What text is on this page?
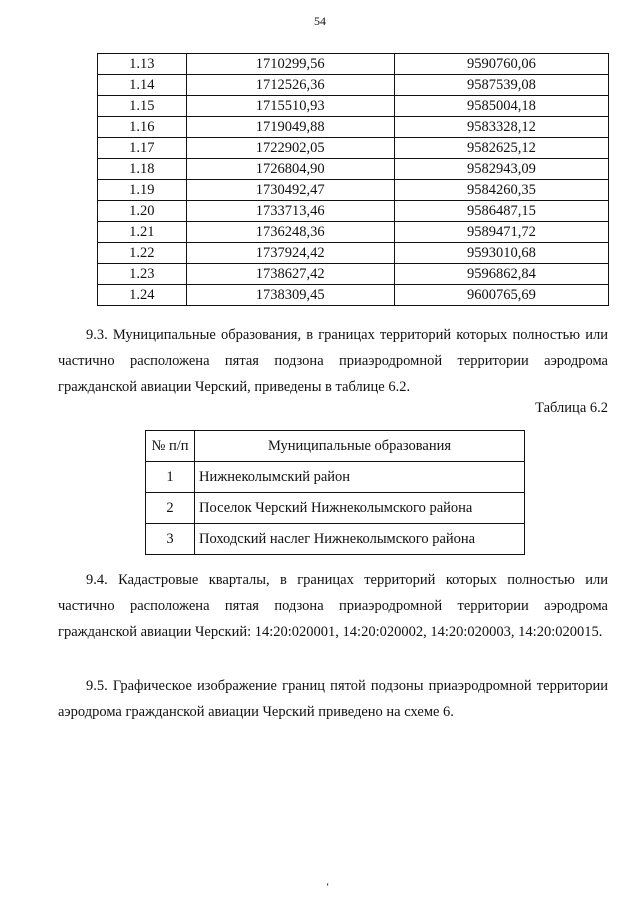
54
1.13	1710299,56	9590760,06
1.14	1712526,36	9587539,08
1.15	1715510,93	9585004,18
1.16	1719049,88	9583328,12
1.17	1722902,05	9582625,12
1.18	1726804,90	9582943,09
1.19	1730492,47	9584260,35
1.20	1733713,46	9586487,15
1.21	1736248,36	9589471,72
1.22	1737924,42	9593010,68
1.23	1738627,42	9596862,84
1.24	1738309,45	9600765,69

9.3. Муниципальные образования, в границах территорий которых полностью или частично расположена пятая подзона приаэродромной территории аэродрома гражданской авиации Черский, приведены в таблице 6.2.

Таблица 6.2
№ п/п	Муниципальные образования
1	Нижнеколымский район
2	Поселок Черский Нижнеколымского района
3	Походский наслег Нижнеколымского района

9.4. Кадастровые кварталы, в границах территорий которых полностью или частично расположена пятая подзона приаэродромной территории аэродрома гражданской авиации Черский: 14:20:020001, 14:20:020002, 14:20:020003, 14:20:020015.

9.5. Графическое изображение границ пятой подзоны приаэродромной территории аэродрома гражданской авиации Черский приведено на схеме 6.

‘
